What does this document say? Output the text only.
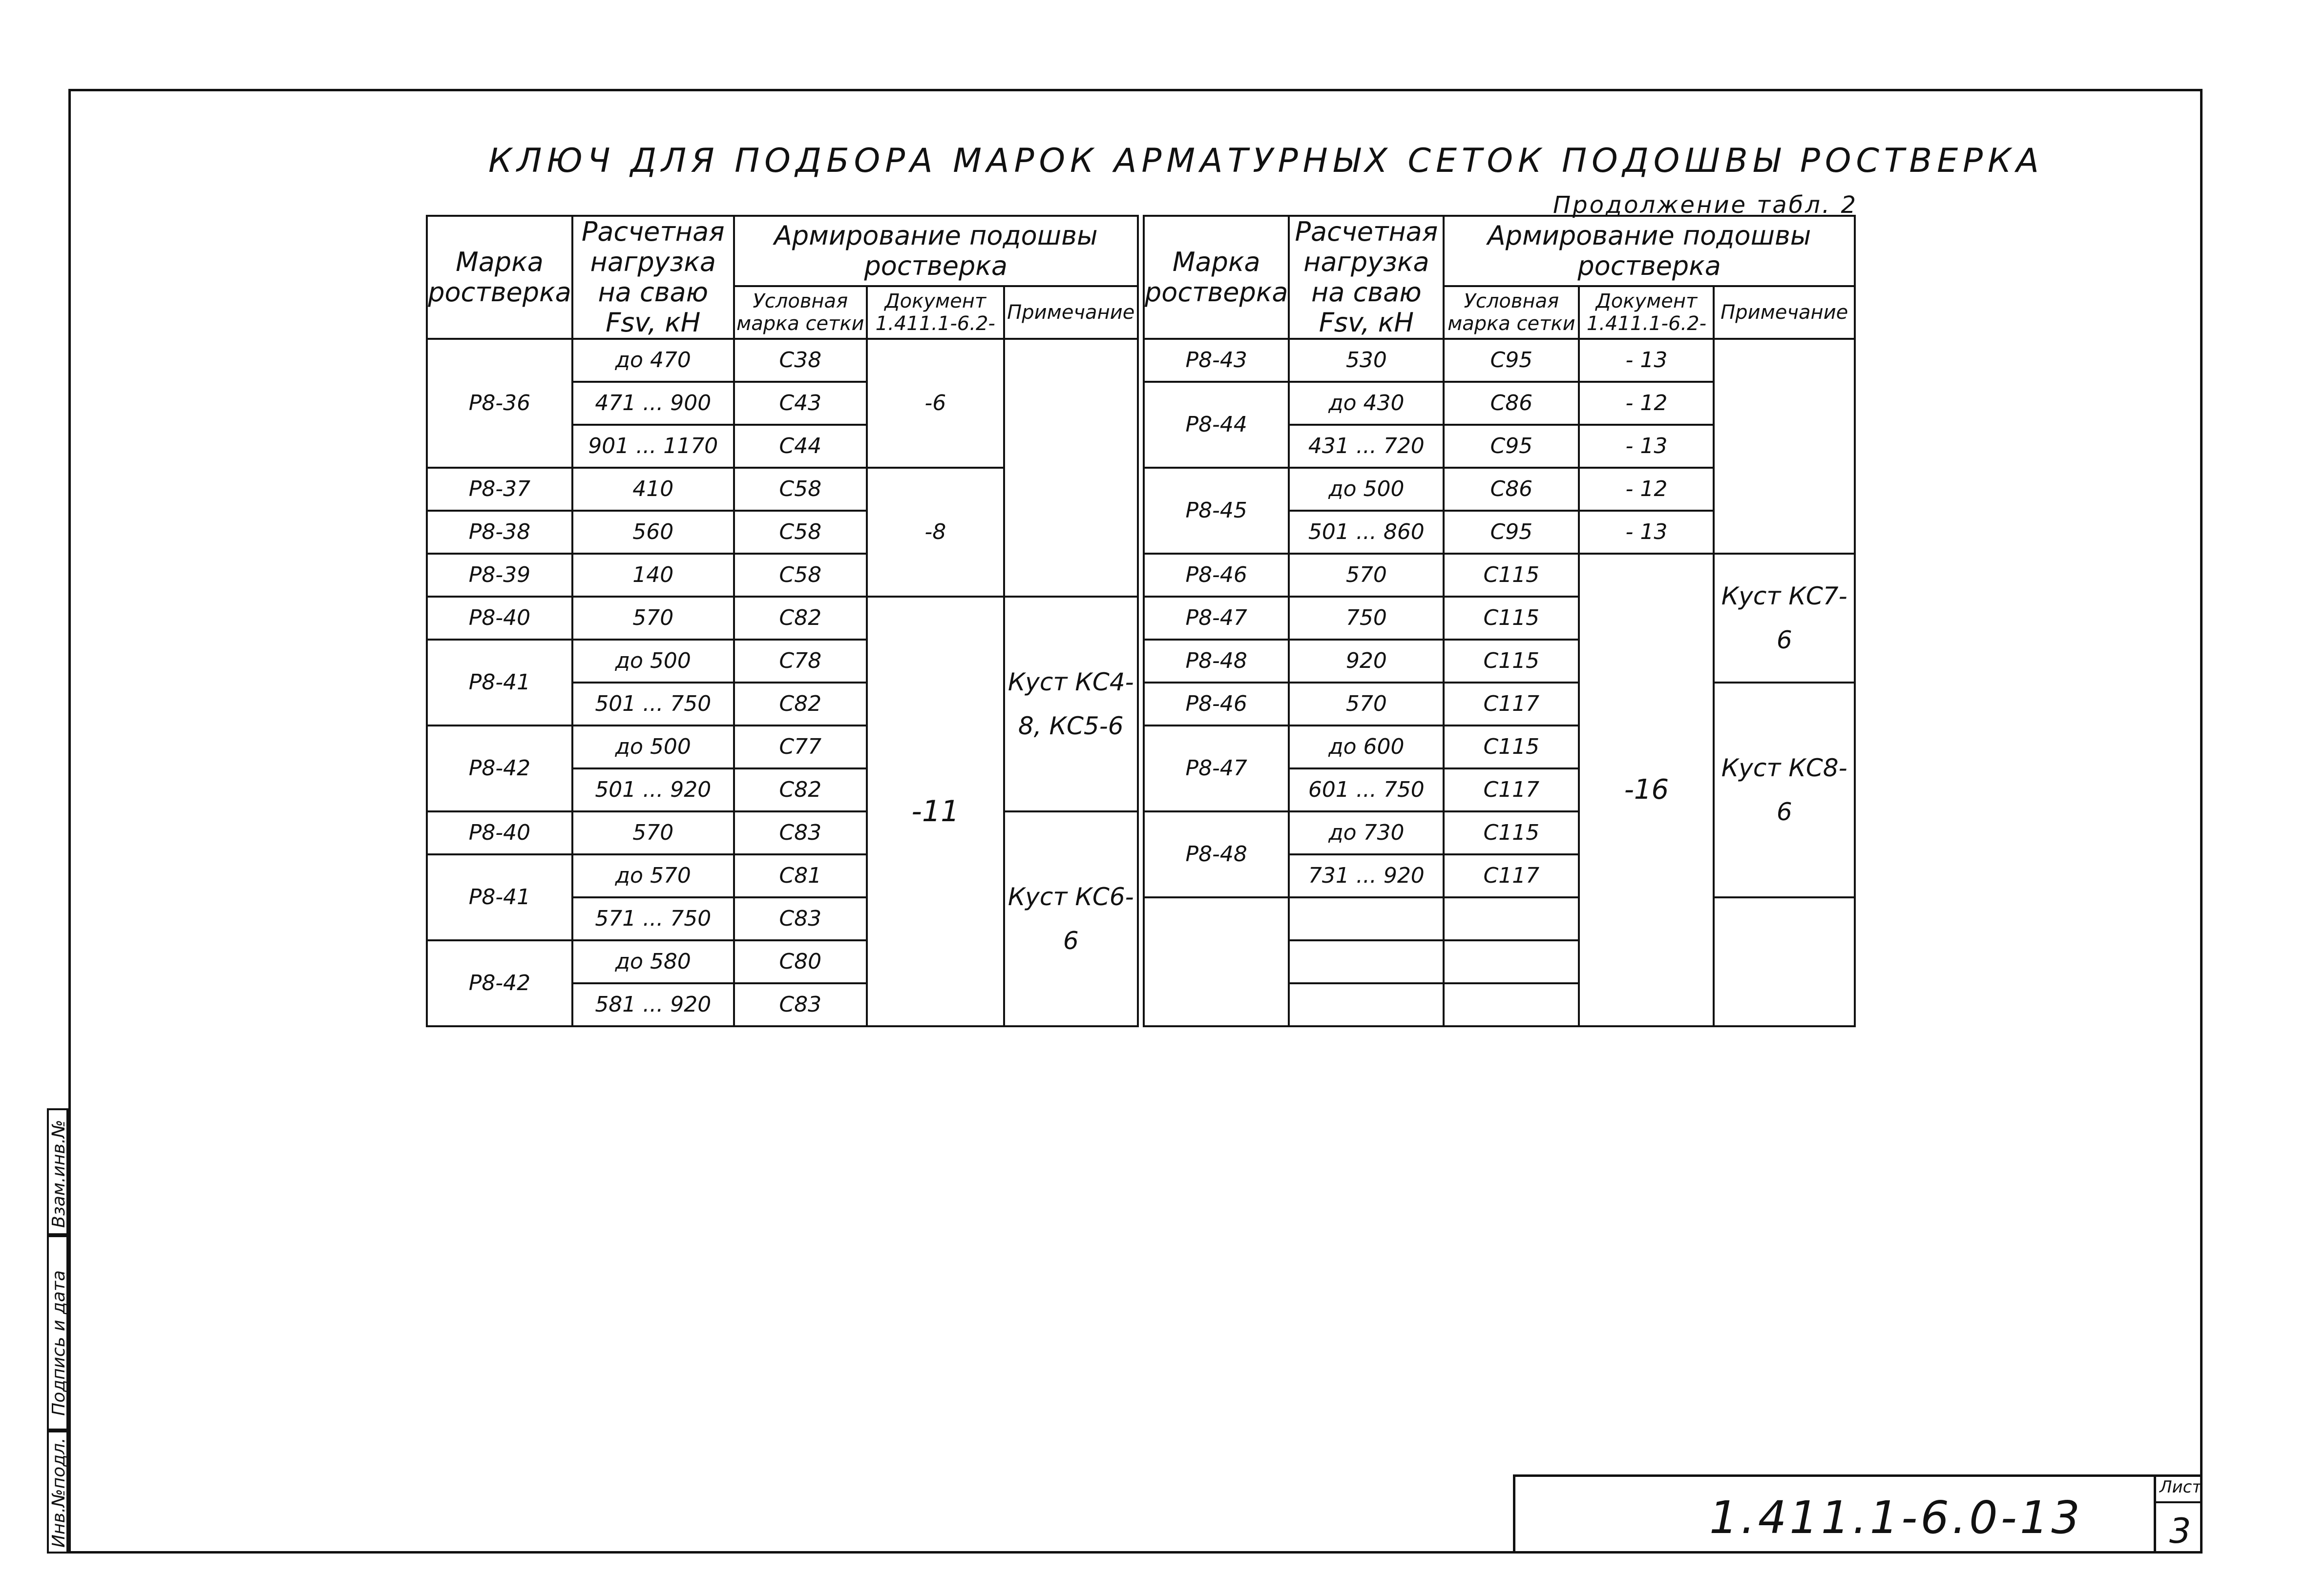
КЛЮЧ ДЛЯ ПОДБОРА МАРОК АРМАТУРНЫХ СЕТОК ПОДОШВЫ РОСТВЕРКА
Продолжение табл. 2
Марка ростверка	Расчетная нагрузка на сваю Fsv, кН	Армирование подошвы ростверка		
		Условная марка сетки	Документ 1.411.1-6.2-	Примечание
Р8-36	до 470	С38	-6	
	471 ... 900	С43		
	901 ... 1170	С44		
Р8-37	410	С58	-8	
Р8-38	560	С58		
Р8-39	140	С58		
Р8-40	570	С82	-11	Куст КС4-8, КС5-6
Р8-41	до 500	С78		
	501 ... 750	С82		
Р8-42	до 500	С77		
	501 ... 920	С82		
Р8-40	570	С83		Куст КС6-6
Р8-41	до 570	С81		
	571 ... 750	С83		
Р8-42	до 580	С80		
	581 ... 920	С83		
Марка ростверка	Расчетная нагрузка на сваю Fsv, кН	Армирование подошвы ростверка		
		Условная марка сетки	Документ 1.411.1-6.2-	Примечание
Р8-43	530	С95	- 13	
Р8-44	до 430	С86	- 12	
	431 ... 720	С95	- 13	
Р8-45	до 500	С86	- 12	
	501 ... 860	С95	- 13	
Р8-46	570	С115	-16	Куст КС7-6
Р8-47	750	С115		
Р8-48	920	С115		
Р8-46	570	С117		Куст КС8-6
Р8-47	до 600	С115		
	601 ... 750	С117		
Р8-48	до 730	С115		
	731 ... 920	С117		

1.411.1-6.0-13
Лист
3
Инв.№подл.
Подпись и дата
Взам.инв.№
